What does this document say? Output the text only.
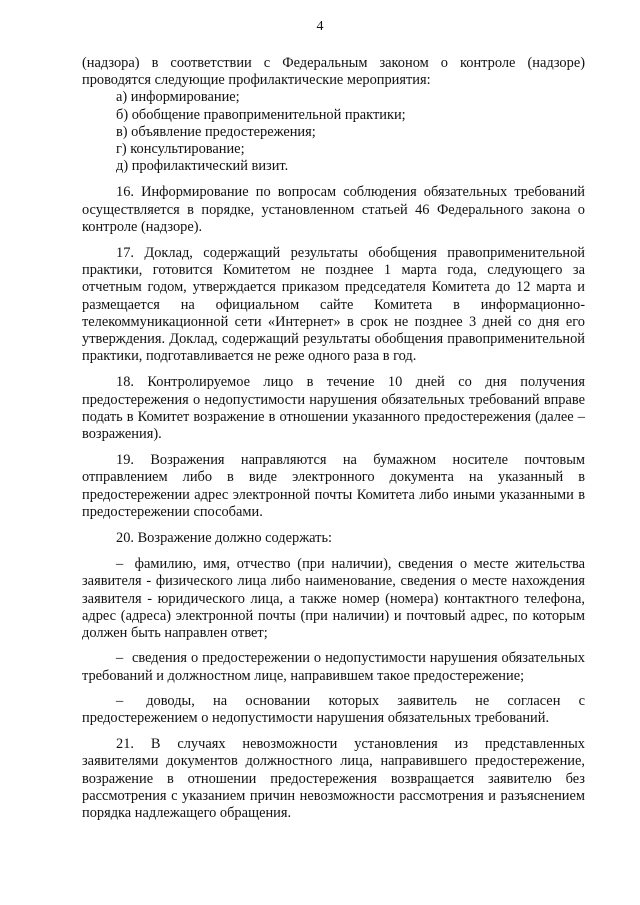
4

(надзора) в соответствии с Федеральным законом о контроле (надзоре) проводятся следующие профилактические мероприятия:

а) информирование;

б) обобщение правоприменительной практики;

в) объявление предостережения;

г) консультирование;

д) профилактический визит.

16. Информирование по вопросам соблюдения обязательных требований осуществляется в порядке, установленном статьей 46 Федерального закона о контроле (надзоре).

17. Доклад, содержащий результаты обобщения правоприменительной практики, готовится Комитетом не позднее 1 марта года, следующего за отчетным годом, утверждается приказом председателя Комитета до 12 марта и размещается на официальном сайте Комитета в информационно-телекоммуникационной сети «Интернет» в срок не позднее 3 дней со дня его утверждения. Доклад, содержащий результаты обобщения правоприменительной практики, подготавливается не реже одного раза в год.

18. Контролируемое лицо в течение 10 дней со дня получения предостережения о недопустимости нарушения обязательных требований вправе подать в Комитет возражение в отношении указанного предостережения (далее – возражения).

19. Возражения направляются на бумажном носителе почтовым отправлением либо в виде электронного документа на указанный в предостережении адрес электронной почты Комитета либо иными указанными в предостережении способами.

20. Возражение должно содержать:

– фамилию, имя, отчество (при наличии), сведения о месте жительства заявителя - физического лица либо наименование, сведения о месте нахождения заявителя - юридического лица, а также номер (номера) контактного телефона, адрес (адреса) электронной почты (при наличии) и почтовый адрес, по которым должен быть направлен ответ;

– сведения о предостережении о недопустимости нарушения обязательных требований и должностном лице, направившем такое предостережение;

– доводы, на основании которых заявитель не согласен с предостережением о недопустимости нарушения обязательных требований.

21. В случаях невозможности установления из представленных заявителями документов должностного лица, направившего предостережение, возражение в отношении предостережения возвращается заявителю без рассмотрения с указанием причин невозможности рассмотрения и разъяснением порядка надлежащего обращения.
